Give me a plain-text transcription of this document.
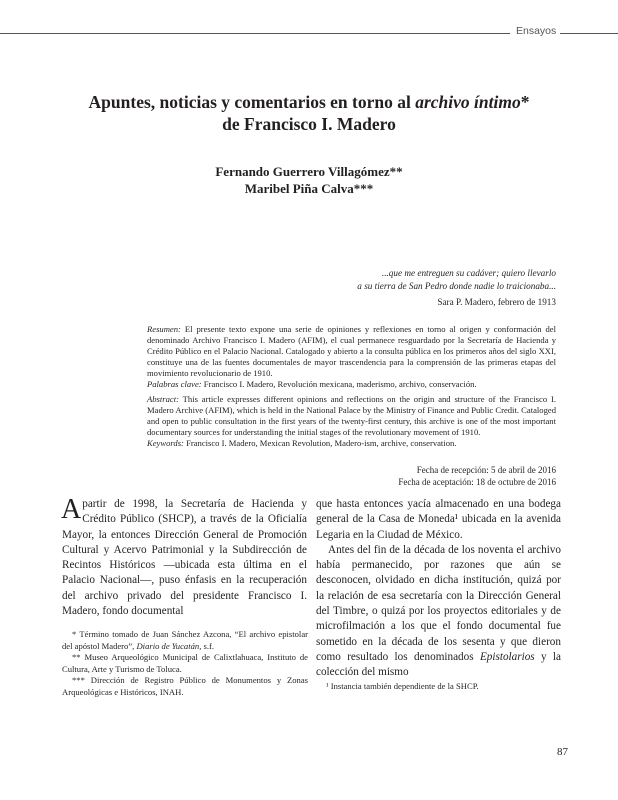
Ensayos
Apuntes, noticias y comentarios en torno al archivo íntimo*
de Francisco I. Madero
Fernando Guerrero Villagómez**
Maribel Piña Calva***
...que me entreguen su cadáver; quiero llevarlo
a su tierra de San Pedro donde nadie lo traicionaba...
Sara P. Madero, febrero de 1913

Resumen: El presente texto expone una serie de opiniones y reflexiones en torno al origen y conformación del denominado Archivo Francisco I. Madero (AFIM), el cual permanece resguardado por la Secretaría de Hacienda y Crédito Público en el Palacio Nacional. Catalogado y abierto a la consulta pública en los primeros años del siglo XXI, constituye una de las fuentes documentales de mayor trascendencia para la comprensión de las primeras etapas del movimiento revolucionario de 1910.

Palabras clave: Francisco I. Madero, Revolución mexicana, maderismo, archivo, conservación.

Abstract: This article expresses different opinions and reflections on the origin and structure of the Francisco I. Madero Archive (AFIM), which is held in the National Palace by the Ministry of Finance and Public Credit. Cataloged and open to public consultation in the first years of the twenty-first century, this archive is one of the most important documentary sources for understanding the initial stages of the revolutionary movement of 1910.

Keywords: Francisco I. Madero, Mexican Revolution, Madero-ism, archive, conservation.

Fecha de recepción: 5 de abril de 2016
Fecha de aceptación: 18 de octubre de 2016

A partir de 1998, la Secretaría de Hacienda y Crédito Público (SHCP), a través de la Oficialía Mayor, la entonces Dirección General de Promoción Cultural y Acervo Patrimonial y la Subdirección de Recintos Históricos —ubicada esta última en el Palacio Nacional—, puso énfasis en la recuperación del archivo privado del presidente Francisco I. Madero, fondo documental

que hasta entonces yacía almacenado en una bodega general de la Casa de Moneda¹ ubicada en la avenida Legaria en la Ciudad de México.

Antes del fin de la década de los noventa el archivo había permanecido, por razones que aún se desconocen, olvidado en dicha institución, quizá por la relación de esa secretaría con la Dirección General del Timbre, o quizá por los proyectos editoriales y de microfilmación a los que el fondo documental fue sometido en la década de los sesenta y que dieron como resultado los denominados Epistolarios y la colección del mismo

* Término tomado de Juan Sánchez Azcona, “El archivo epistolar del apóstol Madero”, Diario de Yucatán, s.f.

** Museo Arqueológico Municipal de Calixtlahuaca, Instituto de Cultura, Arte y Turismo de Toluca.

*** Dirección de Registro Público de Monumentos y Zonas Arqueológicas e Históricos, INAH.

¹ Instancia también dependiente de la SHCP.

87
